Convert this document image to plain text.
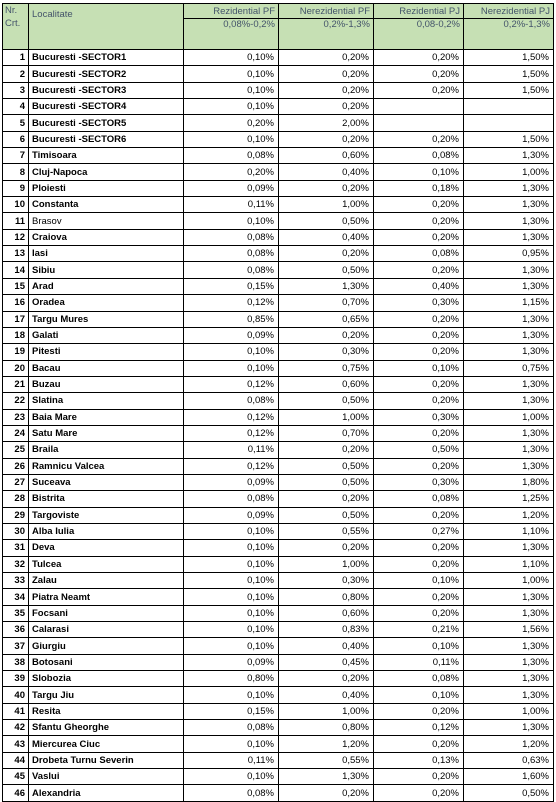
Nr.
Crt.	Localitate	Rezidential PF	Nerezidential PF	Rezidential PJ	Nerezidential PJ
		0,08%-0,2%	0,2%-1,3%	0,08-0,2%	0,2%-1,3%
1	Bucuresti -SECTOR1	0,10%	0,20%	0,20%	1,50%
2	Bucuresti -SECTOR2	0,10%	0,20%	0,20%	1,50%
3	Bucuresti -SECTOR3	0,10%	0,20%	0,20%	1,50%
4	Bucuresti -SECTOR4	0,10%	0,20%		
5	Bucuresti -SECTOR5	0,20%	2,00%		
6	Bucuresti -SECTOR6	0,10%	0,20%	0,20%	1,50%
7	Timisoara	0,08%	0,60%	0,08%	1,30%
8	Cluj-Napoca	0,20%	0,40%	0,10%	1,00%
9	Ploiesti	0,09%	0,20%	0,18%	1,30%
10	Constanta	0,11%	1,00%	0,20%	1,30%
11	Brasov	0,10%	0,50%	0,20%	1,30%
12	Craiova	0,08%	0,40%	0,20%	1,30%
13	Iasi	0,08%	0,20%	0,08%	0,95%
14	Sibiu	0,08%	0,50%	0,20%	1,30%
15	Arad	0,15%	1,30%	0,40%	1,30%
16	Oradea	0,12%	0,70%	0,30%	1,15%
17	Targu Mures	0,85%	0,65%	0,20%	1,30%
18	Galati	0,09%	0,20%	0,20%	1,30%
19	Pitesti	0,10%	0,30%	0,20%	1,30%
20	Bacau	0,10%	0,75%	0,10%	0,75%
21	Buzau	0,12%	0,60%	0,20%	1,30%
22	Slatina	0,08%	0,50%	0,20%	1,30%
23	Baia Mare	0,12%	1,00%	0,30%	1,00%
24	Satu Mare	0,12%	0,70%	0,20%	1,30%
25	Braila	0,11%	0,20%	0,50%	1,30%
26	Ramnicu Valcea	0,12%	0,50%	0,20%	1,30%
27	Suceava	0,09%	0,50%	0,30%	1,80%
28	Bistrita	0,08%	0,20%	0,08%	1,25%
29	Targoviste	0,09%	0,50%	0,20%	1,20%
30	Alba Iulia	0,10%	0,55%	0,27%	1,10%
31	Deva	0,10%	0,20%	0,20%	1,30%
32	Tulcea	0,10%	1,00%	0,20%	1,10%
33	Zalau	0,10%	0,30%	0,10%	1,00%
34	Piatra Neamt	0,10%	0,80%	0,20%	1,30%
35	Focsani	0,10%	0,60%	0,20%	1,30%
36	Calarasi	0,10%	0,83%	0,21%	1,56%
37	Giurgiu	0,10%	0,40%	0,10%	1,30%
38	Botosani	0,09%	0,45%	0,11%	1,30%
39	Slobozia	0,80%	0,20%	0,08%	1,30%
40	Targu Jiu	0,10%	0,40%	0,10%	1,30%
41	Resita	0,15%	1,00%	0,20%	1,00%
42	Sfantu Gheorghe	0,08%	0,80%	0,12%	1,30%
43	Miercurea Ciuc	0,10%	1,20%	0,20%	1,20%
44	Drobeta Turnu Severin	0,11%	0,55%	0,13%	0,63%
45	Vaslui	0,10%	1,30%	0,20%	1,60%
46	Alexandria	0,08%	0,20%	0,20%	0,50%
